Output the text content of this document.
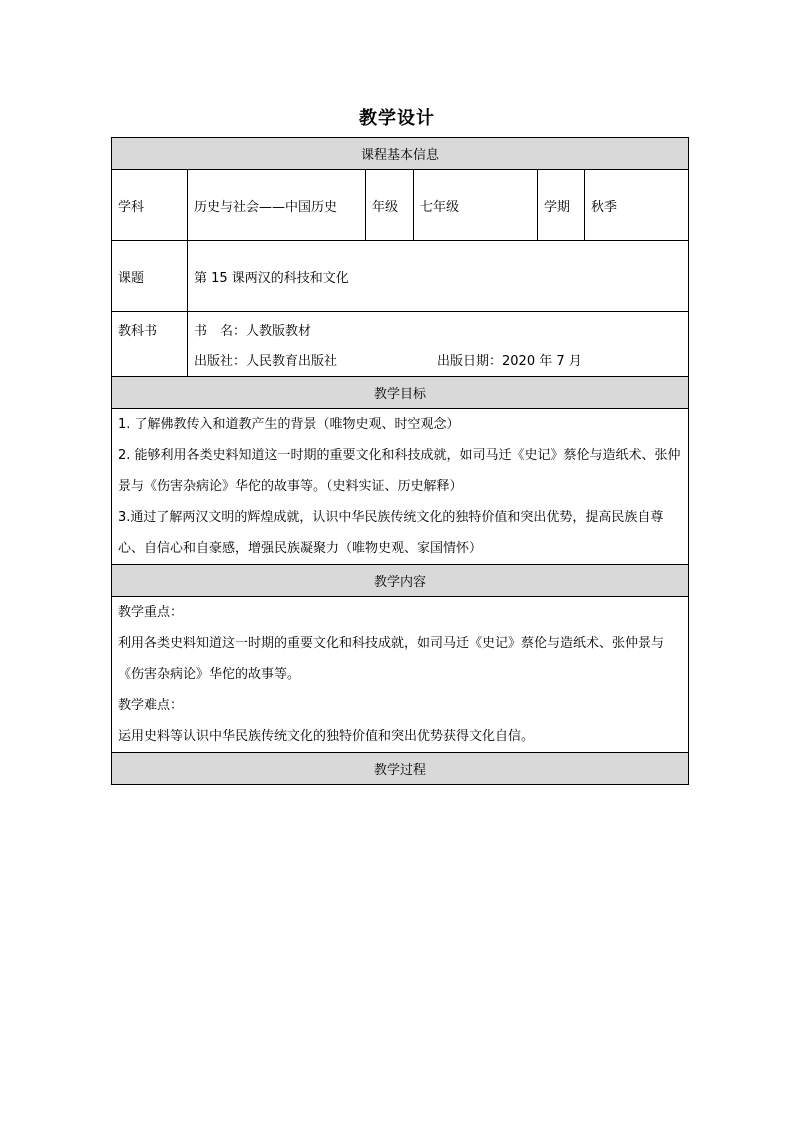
教学设计
课程基本信息					
学科	历史与社会——中国历史	年级	七年级	学期	秋季
课题	第 15 课两汉的科技和文化				
教科书	书　名：人教版教材
出版社：人民教育出版社 出版日期：2020 年 7 月				

教学目标					

1. 了解佛教传入和道教产生的背景（唯物史观、时空观念）

2. 能够利用各类史料知道这一时期的重要文化和科技成就，如司马迁《史记》蔡伦与造纸术、张仲景与《伤害杂病论》华佗的故事等。（史料实证、历史解释）

3.通过了解两汉文明的辉煌成就，认识中华民族传统文化的独特价值和突出优势，提高民族自尊心、自信心和自豪感，增强民族凝聚力（唯物史观、家国情怀）					

教学内容					

教学重点：

利用各类史料知道这一时期的重要文化和科技成就，如司马迁《史记》蔡伦与造纸术、张仲景与《伤害杂病论》华佗的故事等。

教学难点：

运用史料等认识中华民族传统文化的独特价值和突出优势获得文化自信。					

教学过程					
